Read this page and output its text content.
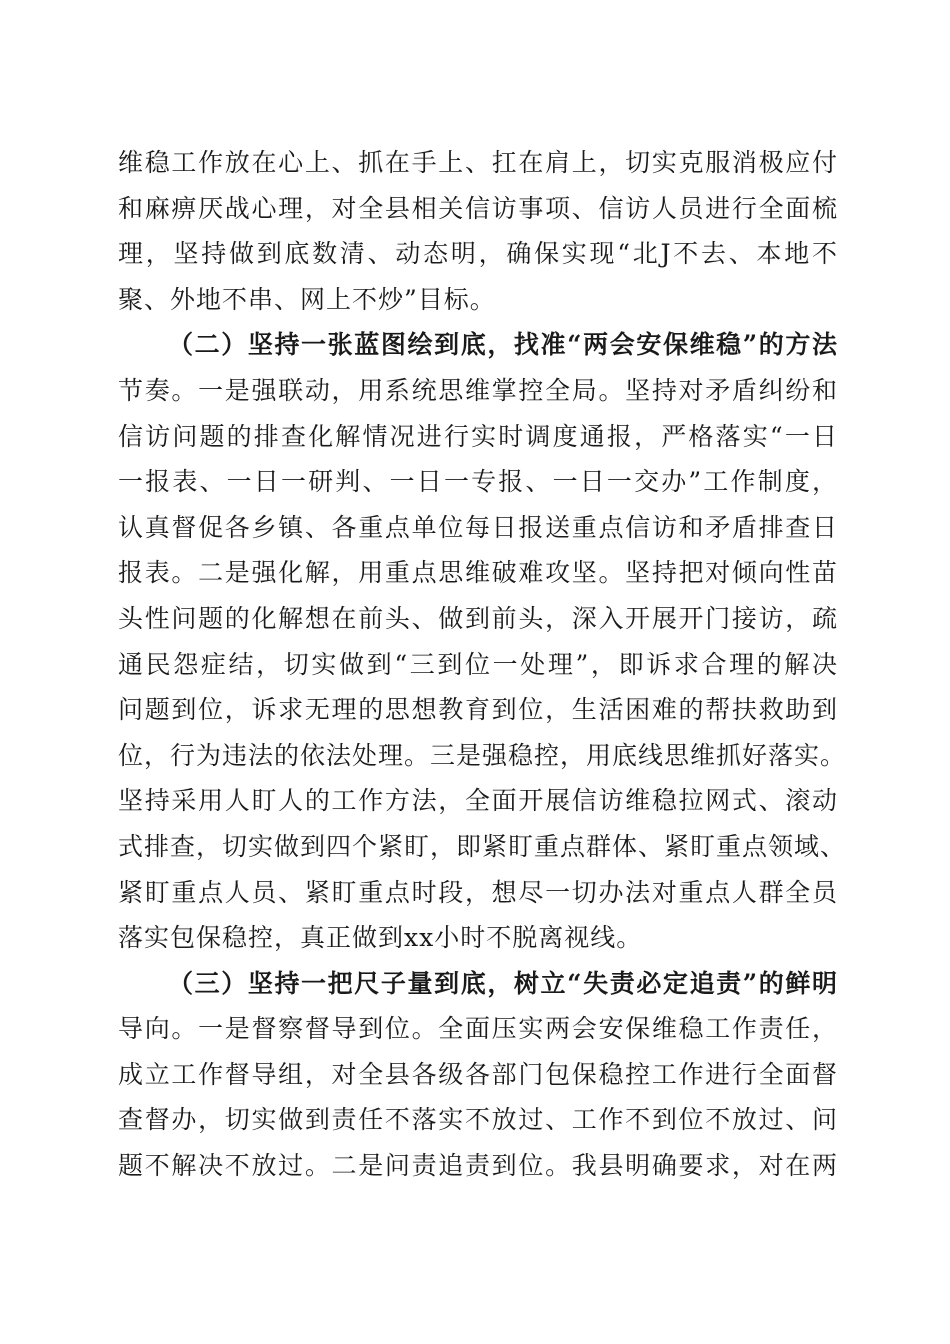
维稳工作放在心上、抓在手上、扛在肩上，切实克服消极应付
和麻痹厌战心理，对全县相关信访事项、信访人员进行全面梳
理，坚持做到底数清、动态明，确保实现“北J不去、本地不
聚、外地不串、网上不炒”目标。
（二）坚持一张蓝图绘到底，找准“两会安保维稳”的方法
节奏。一是强联动，用系统思维掌控全局。坚持对矛盾纠纷和
信访问题的排查化解情况进行实时调度通报，严格落实“一日
一报表、一日一研判、一日一专报、一日一交办”工作制度，
认真督促各乡镇、各重点单位每日报送重点信访和矛盾排查日
报表。二是强化解，用重点思维破难攻坚。坚持把对倾向性苗
头性问题的化解想在前头、做到前头，深入开展开门接访，疏
通民怨症结，切实做到“三到位一处理”，即诉求合理的解决
问题到位，诉求无理的思想教育到位，生活困难的帮扶救助到
位，行为违法的依法处理。三是强稳控，用底线思维抓好落实。
坚持采用人盯人的工作方法，全面开展信访维稳拉网式、滚动
式排查，切实做到四个紧盯，即紧盯重点群体、紧盯重点领域、
紧盯重点人员、紧盯重点时段，想尽一切办法对重点人群全员
落实包保稳控，真正做到xx小时不脱离视线。
（三）坚持一把尺子量到底，树立“失责必定追责”的鲜明
导向。一是督察督导到位。全面压实两会安保维稳工作责任，
成立工作督导组，对全县各级各部门包保稳控工作进行全面督
查督办，切实做到责任不落实不放过、工作不到位不放过、问
题不解决不放过。二是问责追责到位。我县明确要求，对在两
